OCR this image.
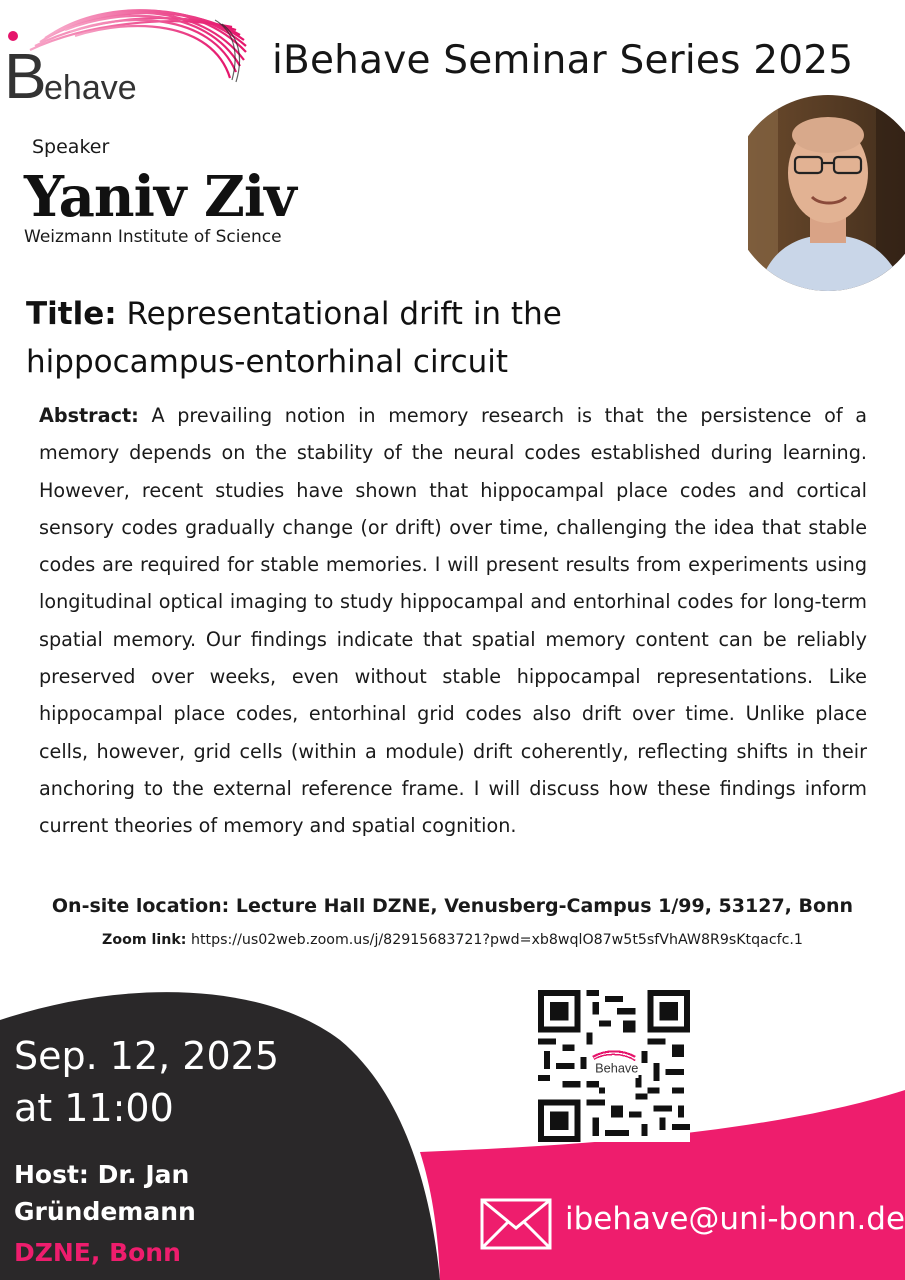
B
ehave
iBehave Seminar Series 2025
Speaker
Yaniv Ziv
Weizmann Institute of Science
Title: Representational drift in the hippocampus-entorhinal circuit
Abstract: A prevailing notion in memory research is that the persistence of a memory depends on the stability of the neural codes established during learning. However, recent studies have shown that hippocampal place codes and cortical sensory codes gradually change (or drift) over time, challenging the idea that stable codes are required for stable memories. I will present results from experiments using longitudinal optical imaging to study hippocampal and entorhinal codes for long-term spatial memory. Our findings indicate that spatial memory content can be reliably preserved over weeks, even without stable hippocampal representations. Like hippocampal place codes, entorhinal grid codes also drift over time. Unlike place cells, however, grid cells (within a module) drift coherently, reflecting shifts in their anchoring to the external reference frame. I will discuss how these findings inform current theories of memory and spatial cognition.
On-site location: Lecture Hall DZNE, Venusberg-Campus 1/99, 53127, Bonn
Zoom link: https://us02web.zoom.us/j/82915683721?pwd=xb8wqlO87w5t5sfVhAW8R9sKtqacfc.1
Behave
Sep. 12, 2025
at 11:00
Host: Dr. Jan
Gründemann
DZNE, Bonn
ibehave@uni-bonn.de
